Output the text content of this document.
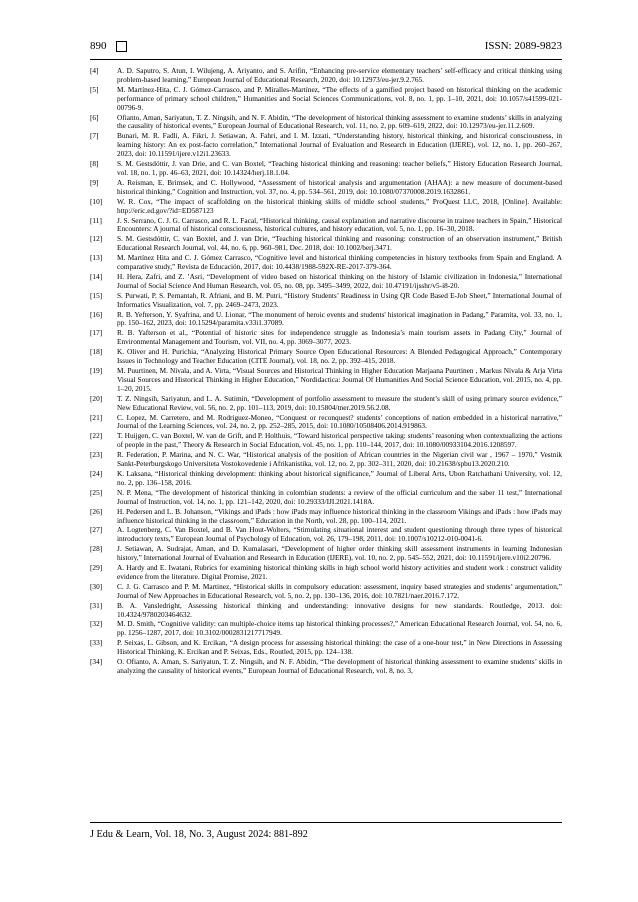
890	ISSN: 2089-9823
[4]	A. D. Saputro, S. Atun, I. Wilujeng, A. Ariyanto, and S. Arifin, “Enhancing pre-service elementary teachers’ self-efficacy and critical thinking using problem-based learning,” European Journal of Educational Research, 2020, doi: 10.12973/eu-jer.9.2.765.
[5]	M. Martínez-Hita, C. J. Gómez-Carrasco, and P. Miralles-Martínez, “The effects of a gamified project based on historical thinking on the academic performance of primary school children,” Humanities and Social Sciences Communications, vol. 8, no. 1, pp. 1–10, 2021, doi: 10.1057/s41599-021-00796-9.
[6]	Ofianto, Aman, Sariyatun, T. Z. Ningsih, and N. F. Abidin, “The development of historical thinking assessment to examine students’ skills in analyzing the causality of historical events,” European Journal of Educational Research, vol. 11, no. 2, pp. 609–619, 2022, doi: 10.12973/eu-jer.11.2.609.
[7]	Bunari, M. R. Fadli, A. Fikri, J. Setiawan, A. Fahri, and I. M. Izzati, “Understanding history, historical thinking, and historical consciousness, in learning history: An ex post-facto correlation,” International Journal of Evaluation and Research in Education (IJERE), vol. 12, no. 1, pp. 260–267, 2023, doi: 10.11591/ijere.v12i1.23633.
[8]	S. M. Gestsdóttir, J. van Drie, and C. van Boxtel, “Teaching historical thinking and reasoning: teacher beliefs,” History Education Research Journal, vol. 18, no. 1, pp. 46–63, 2021, doi: 10.14324/herj.18.1.04.
[9]	A. Reisman, E. Brimsek, and C. Hollywood, “Assessment of historical analysis and argumentation (AHAA): a new measure of document-based historical thinking,” Cognition and Instruction, vol. 37, no. 4, pp. 534–561, 2019, doi: 10.1080/07370008.2019.1632861.
[10]	W. R. Cox, “The impact of scaffolding on the historical thinking skills of middle school students,” ProQuest LLC, 2018, [Online]. Available: http://eric.ed.gov/?id=ED587123
[11]	J. S. Serrano, C. J. G. Carrasco, and R. L. Facal, “Historical thinking, causal explanation and narrative discourse in trainee teachers in Spain,” Historical Encounters: A journal of historical consciousness, historical cultures, and history education, vol. 5, no. 1, pp. 16–30, 2018.
[12]	S. M. Gestsdóttir, C. van Boxtel, and J. van Drie, “Teaching historical thinking and reasoning: construction of an observation instrument,” British Educational Research Journal, vol. 44, no. 6, pp. 960–981, Dec. 2018, doi: 10.1002/berj.3471.
[13]	M. Martínez Hita and C. J. Gómez Carrasco, “Cognitive level and historical thinking competencies in history textbooks from Spain and England. A comparative study,” Revista de Educación, 2017, doi: 10.4438/1988-592X-RE-2017-379-364.
[14]	H. Hera, Zafri, and Z. ’Asri, “Development of video based on historical thinking on the history of Islamic civilization in Indonesia,” International Journal of Social Science And Human Research, vol. 05, no. 08, pp. 3495–3499, 2022, doi: 10.47191/ijsshr/v5-i8-20.
[15]	S. Purwati, P. S. Pernantah, R. Afriani, and B. M. Putri, “History Students’ Readiness in Using QR Code Based E-Job Sheet,” International Journal of Informatics Visualization, vol. 7, pp. 2469–2473, 2023.
[16]	R. B. Yefterson, Y. Syafrina, and U. Lionar, “The monument of heroic events and students' historical imagination in Padang,” Paramita, vol. 33, no. 1, pp. 150–162, 2023, doi: 10.15294/paramita.v33i1.37089.
[17]	R. B. Yafterson et al., “Potential of historic sites for independence struggle as Indonesia’s main tourism assets in Padang City,” Journal of Environmental Management and Tourism, vol. VII, no. 4, pp. 3069–3077, 2023.
[18]	K. Oliver and H. Purichia, “Analyzing Historical Primary Source Open Educational Resources: A Blended Pedagogical Approach,” Contemporary Issues in Technology and Teacher Education (CITE Journal), vol. 18, no. 2, pp. 392–415, 2018.
[19]	M. Puurtinen, M. Nivala, and A. Virta, “Visual Sources and Historical Thinking in Higher Education Marjaana Puurtinen , Markus Nivala & Arja Virta Visual Sources and Historical Thinking in Higher Education,” Nordidactica: Journal Of Humanities And Social Science Education, vol. 2015, no. 4, pp. 1–20, 2015.
[20]	T. Z. Ningsih, Sariyatun, and L. A. Sutimin, “Development of portfolio assessment to measure the student’s skill of using primary source evidence,” New Educational Review, vol. 56, no. 2, pp. 101–113, 2019, doi: 10.15804/tner.2019.56.2.08.
[21]	C. Lopez, M. Carretero, and M. Rodriguez-Moneo, “Conquest or reconquest? students’ conceptions of nation embedded in a historical narrative,” Journal of the Learning Sciences, vol. 24, no. 2, pp. 252–285, 2015, doi: 10.1080/10508406.2014.919863.
[22]	T. Huijgen, C. van Boxtel, W. van de Grift, and P. Holthuis, “Toward historical perspective taking: students’ reasoning when contextualizing the actions of people in the past,” Theory & Research in Social Education, vol. 45, no. 1, pp. 110–144, 2017, doi: 10.1080/00933104.2016.1208597.
[23]	R. Federation, P. Marina, and N. C. War, “Historical analysis of the position of African countries in the Nigerian civil war , 1967 – 1970,” Vestnik Sankt-Peterburgskogo Universiteta Vostokovedenie i Afrikanistika, vol. 12, no. 2, pp. 302–311, 2020, doi: 10.21638/spbu13.2020.210.
[24]	K. Laksana, “Historical thinking development: thinking about historical significance,” Journal of Liberal Arts, Ubon Ratchathani University, vol. 12, no. 2, pp. 136–158, 2016.
[25]	N. P. Mena, “The development of historical thinking in colombian students: a review of the official curriculum and the saber 11 test,” International Journal of Instruction, vol. 14, no. 1, pp. 121–142, 2020, doi: 10.29333/IJI.2021.1418A.
[26]	H. Pedersen and L. B. Johanson, “Vikings and iPads : how iPads may influence historical thinking in the classroom Vikings and iPads : how iPads may influence historical thinking in the classroom,” Education in the North, vol. 28, pp. 100–114, 2021.
[27]	A. Logtenberg, C. Van Boxtel, and B. Van Hout-Wolters, “Stimulating situational interest and student questioning through three types of historical introductory texts,” European Journal of Psychology of Education, vol. 26, 179–198, 2011, doi: 10.1007/s10212-010-0041-6.
[28]	J. Setiawan, A. Sudrajat, Aman, and D. Kumalasari, “Development of higher order thinking skill assessment instruments in learning Indonesian history,” International Journal of Evaluation and Research in Education (IJERE), vol. 10, no. 2, pp. 545–552, 2021, doi: 10.11591/ijere.v10i2.20796.
[29]	A. Hardy and E. Iwatani, Rubrics for examining historical thinking skills in high school world history activities and student work : construct validity evidence from the literature. Digital Promise, 2021.
[30]	C. J. G. Carrasco and P. M. Martinez, “Historical skills in compulsory education: assessment, inquiry based strategies and students’ argumentation,” Journal of New Approaches in Educational Research, vol. 5, no. 2, pp. 130–136, 2016, doi: 10.7821/naer.2016.7.172.
[31]	B. A. Vansledright, Assessing historical thinking and understanding: innovative designs for new standards. Routledge, 2013. doi: 10.4324/9780203464632.
[32]	M. D. Smith, “Cognitive validity: can multiple-choice items tap historical thinking processes?,” American Educational Research Journal, vol. 54, no. 6, pp. 1256–1287, 2017, doi: 10.3102/0002831217717949.
[33]	P. Seixas, L. Gibson, and K. Ercikan, “A design process for assessing historical thinking: the case of a one-hour test,” in New Directions in Assessing Historical Thinking, K. Ercikan and P. Seixas, Eds., Routled, 2015, pp. 124–138.
[34]	O. Ofianto, A. Aman, S. Sariyatun, T. Z. Ningsih, and N. F. Abidin, “The development of historical thinking assessment to examine students’ skills in analyzing the causality of historical events,” European Journal of Educational Research, vol. 8, no. 3,
J Edu & Learn, Vol. 18, No. 3, August 2024: 881-892
